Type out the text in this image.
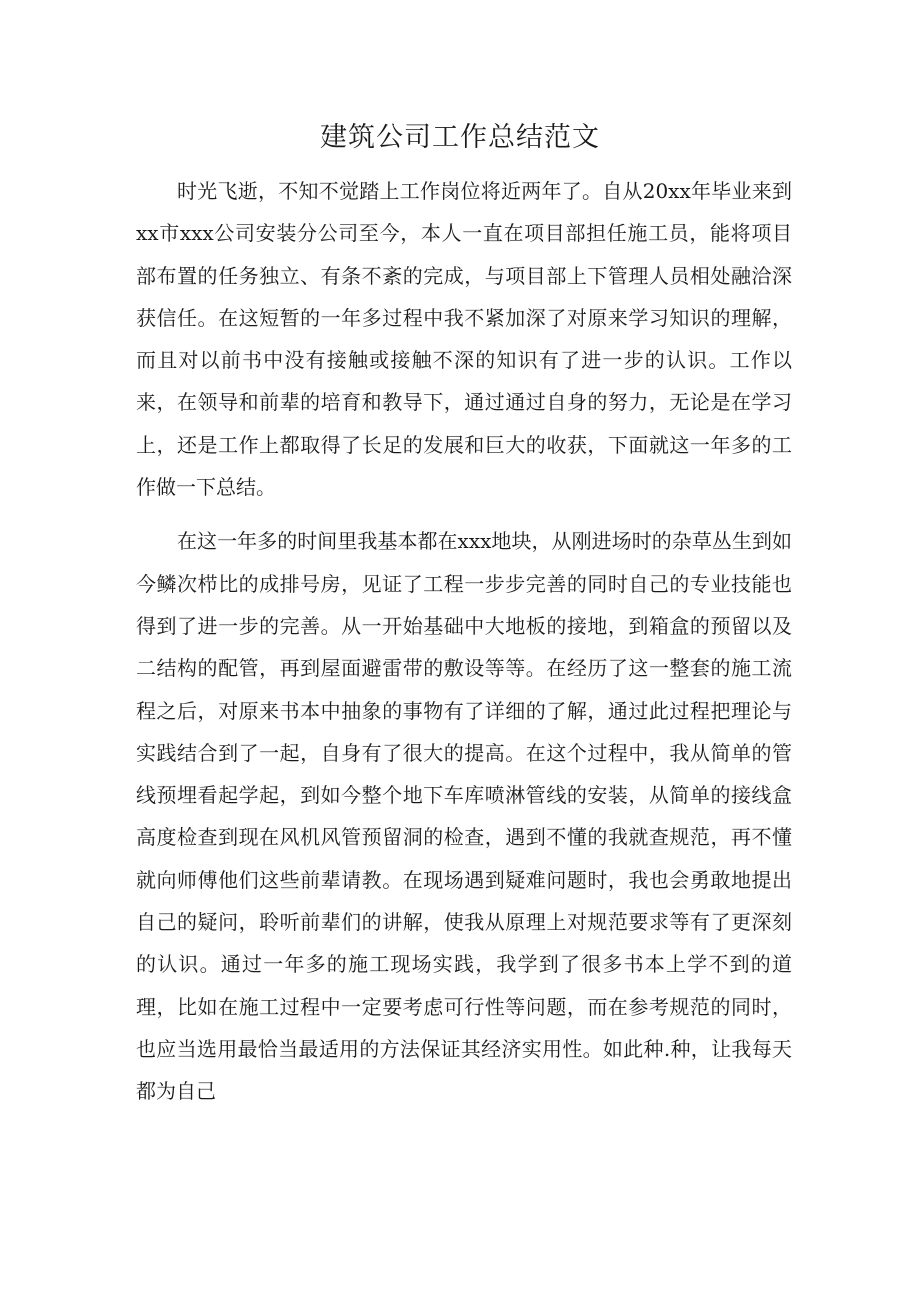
建筑公司工作总结范文

时光飞逝，不知不觉踏上工作岗位将近两年了。自从20xx年毕业来到xx市xxx公司安装分公司至今，本人一直在项目部担任施工员，能将项目部布置的任务独立、有条不紊的完成，与项目部上下管理人员相处融洽深获信任。在这短暂的一年多过程中我不紧加深了对原来学习知识的理解，而且对以前书中没有接触或接触不深的知识有了进一步的认识。工作以来，在领导和前辈的培育和教导下，通过通过自身的努力，无论是在学习上，还是工作上都取得了长足的发展和巨大的收获，下面就这一年多的工作做一下总结。

在这一年多的时间里我基本都在xxx地块，从刚进场时的杂草丛生到如今鳞次栉比的成排号房，见证了工程一步步完善的同时自己的专业技能也得到了进一步的完善。从一开始基础中大地板的接地，到箱盒的预留以及二结构的配管，再到屋面避雷带的敷设等等。在经历了这一整套的施工流程之后，对原来书本中抽象的事物有了详细的了解，通过此过程把理论与实践结合到了一起，自身有了很大的提高。在这个过程中，我从简单的管线预埋看起学起，到如今整个地下车库喷淋管线的安装，从简单的接线盒高度检查到现在风机风管预留洞的检查，遇到不懂的我就查规范，再不懂就向师傅他们这些前辈请教。在现场遇到疑难问题时，我也会勇敢地提出自己的疑问，聆听前辈们的讲解，使我从原理上对规范要求等有了更深刻的认识。通过一年多的施工现场实践，我学到了很多书本上学不到的道理，比如在施工过程中一定要考虑可行性等问题，而在参考规范的同时，也应当选用最恰当最适用的方法保证其经济实用性。如此种.种，让我每天都为自己
